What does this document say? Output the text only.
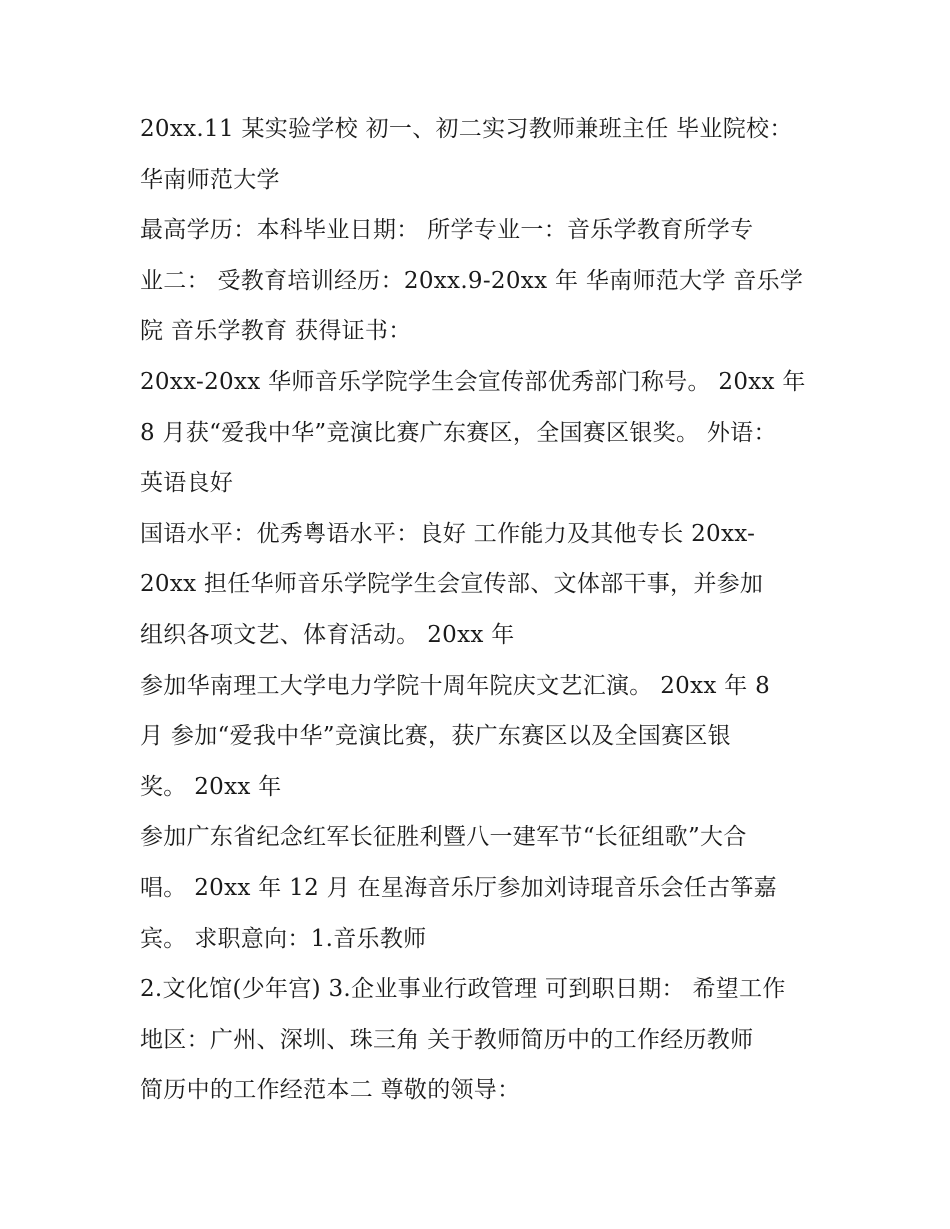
20xx.11 某实验学校 初一、初二实习教师兼班主任 毕业院校：
华南师范大学
最高学历：本科毕业日期： 所学专业一：音乐学教育所学专
业二： 受教育培训经历：20xx.9-20xx 年 华南师范大学 音乐学
院 音乐学教育 获得证书：
20xx-20xx 华师音乐学院学生会宣传部优秀部门称号。 20xx 年
8 月获“爱我中华”竞演比赛广东赛区，全国赛区银奖。 外语：
英语良好
国语水平：优秀粤语水平：良好 工作能力及其他专长 20xx-
20xx 担任华师音乐学院学生会宣传部、文体部干事，并参加
组织各项文艺、体育活动。 20xx 年
参加华南理工大学电力学院十周年院庆文艺汇演。 20xx 年 8
月 参加“爱我中华”竞演比赛，获广东赛区以及全国赛区银
奖。 20xx 年
参加广东省纪念红军长征胜利暨八一建军节“长征组歌”大合
唱。 20xx 年 12 月 在星海音乐厅参加刘诗琨音乐会任古筝嘉
宾。 求职意向：1.音乐教师
2.文化馆(少年宫) 3.企业事业行政管理 可到职日期： 希望工作
地区：广州、深圳、珠三角 关于教师简历中的工作经历教师
简历中的工作经范本二 尊敬的领导：
